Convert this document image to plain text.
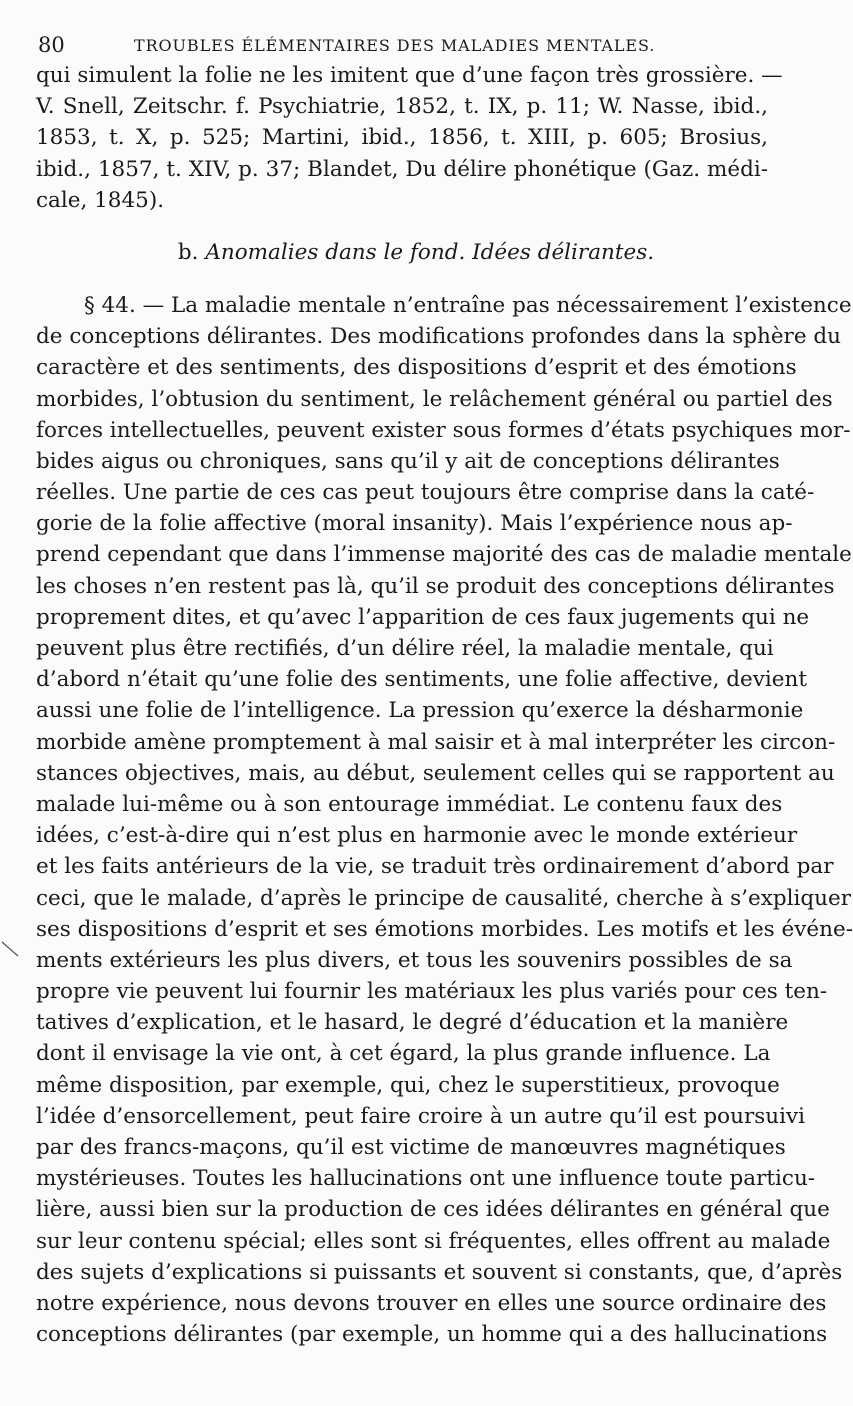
80	TROUBLES ÉLÉMENTAIRES DES MALADIES MENTALES.
qui simulent la folie ne les imitent que d’une façon très grossière. —
V. Snell, Zeitschr. f. Psychiatrie, 1852, t. IX, p. 11; W. Nasse, ibid.,
1853, t. X, p. 525; Martini, ibid., 1856, t. XIII, p. 605; Brosius,
ibid., 1857, t. XIV, p. 37; Blandet, Du délire phonétique (Gaz. médi-
cale, 1845).
b. Anomalies dans le fond. Idées délirantes.
§ 44. — La maladie mentale n’entraîne pas nécessairement l’existence
de conceptions délirantes. Des modifications profondes dans la sphère du
caractère et des sentiments, des dispositions d’esprit et des émotions
morbides, l’obtusion du sentiment, le relâchement général ou partiel des
forces intellectuelles, peuvent exister sous formes d’états psychiques mor-
bides aigus ou chroniques, sans qu’il y ait de conceptions délirantes
réelles. Une partie de ces cas peut toujours être comprise dans la caté-
gorie de la folie affective (moral insanity). Mais l’expérience nous ap-
prend cependant que dans l’immense majorité des cas de maladie mentale
les choses n’en restent pas là, qu’il se produit des conceptions délirantes
proprement dites, et qu’avec l’apparition de ces faux jugements qui ne
peuvent plus être rectifiés, d’un délire réel, la maladie mentale, qui
d’abord n’était qu’une folie des sentiments, une folie affective, devient
aussi une folie de l’intelligence. La pression qu’exerce la désharmonie
morbide amène promptement à mal saisir et à mal interpréter les circon-
stances objectives, mais, au début, seulement celles qui se rapportent au
malade lui-même ou à son entourage immédiat. Le contenu faux des
idées, c’est-à-dire qui n’est plus en harmonie avec le monde extérieur
et les faits antérieurs de la vie, se traduit très ordinairement d’abord par
ceci, que le malade, d’après le principe de causalité, cherche à s’expliquer
ses dispositions d’esprit et ses émotions morbides. Les motifs et les événe-
ments extérieurs les plus divers, et tous les souvenirs possibles de sa
propre vie peuvent lui fournir les matériaux les plus variés pour ces ten-
tatives d’explication, et le hasard, le degré d’éducation et la manière
dont il envisage la vie ont, à cet égard, la plus grande influence. La
même disposition, par exemple, qui, chez le superstitieux, provoque
l’idée d’ensorcellement, peut faire croire à un autre qu’il est poursuivi
par des francs-maçons, qu’il est victime de manœuvres magnétiques
mystérieuses. Toutes les hallucinations ont une influence toute particu-
lière, aussi bien sur la production de ces idées délirantes en général que
sur leur contenu spécial; elles sont si fréquentes, elles offrent au malade
des sujets d’explications si puissants et souvent si constants, que, d’après
notre expérience, nous devons trouver en elles une source ordinaire des
conceptions délirantes (par exemple, un homme qui a des hallucinations
